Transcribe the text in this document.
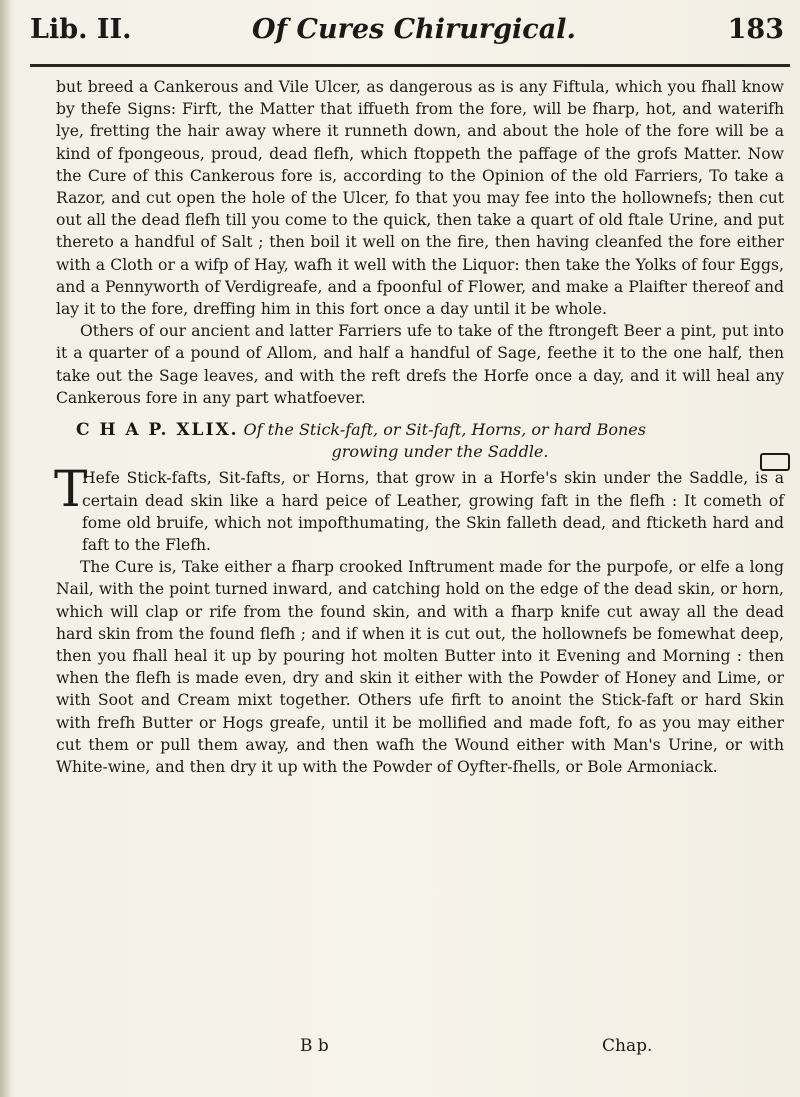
Lib. II.	Of Cures Chirurgical.	183

but breed a Cankerous and Vile Ulcer, as dangerous as is any Fiftula, which you fhall know by thefe Signs: Firft, the Matter that iffueth from the fore, will be fharp, hot, and waterifh lye, fretting the hair away where it runneth down, and about the hole of the fore will be a kind of fpongeous, proud, dead flefh, which ftoppeth the paffage of the grofs Matter. Now the Cure of this Cankerous fore is, according to the Opinion of the old Farriers, To take a Razor, and cut open the hole of the Ulcer, fo that you may fee into the hollownefs; then cut out all the dead flefh till you come to the quick, then take a quart of old ftale Urine, and put thereto a handful of Salt ; then boil it well on the fire, then having cleanfed the fore either with a Cloth or a wifp of Hay, wafh it well with the Liquor: then take the Yolks of four Eggs, and a Pennyworth of Verdigreafe, and a fpoonful of Flower, and make a Plaifter thereof and lay it to the fore, dreffing him in this fort once a day until it be whole.

Others of our ancient and latter Farriers ufe to take of the ftrongeft Beer a pint, put into it a quarter of a pound of Allom, and half a handful of Sage, feethe it to the one half, then take out the Sage leaves, and with the reft drefs the Horfe once a day, and it will heal any Cankerous fore in any part whatfoever.

C H A P. XLIX. Of the Stick-faft, or Sit-faft, Horns, or hard Bones
growing under the Saddle.
T

Hefe Stick-fafts, Sit-fafts, or Horns, that grow in a Horfe's skin under the Saddle, is a certain dead skin like a hard peice of Leather, growing faft in the flefh : It cometh of fome old bruife, which not impofthumating, the Skin falleth dead, and fticketh hard and faft to the Flefh.

The Cure is, Take either a fharp crooked Inftrument made for the purpofe, or elfe a long Nail, with the point turned inward, and catching hold on the edge of the dead skin, or horn, which will clap or rife from the found skin, and with a fharp knife cut away all the dead hard skin from the found flefh ; and if when it is cut out, the hollownefs be fomewhat deep, then you fhall heal it up by pouring hot molten Butter into it Evening and Morning : then when the flefh is made even, dry and skin it either with the Powder of Honey and Lime, or with Soot and Cream mixt together. Others ufe firft to anoint the Stick-faft or hard Skin with frefh Butter or Hogs greafe, until it be mollified and made foft, fo as you may either cut them or pull them away, and then wafh the Wound either with Man's Urine, or with White-wine, and then dry it up with the Powder of Oyfter-fhells, or Bole Armoniack.

B b	Chap.
